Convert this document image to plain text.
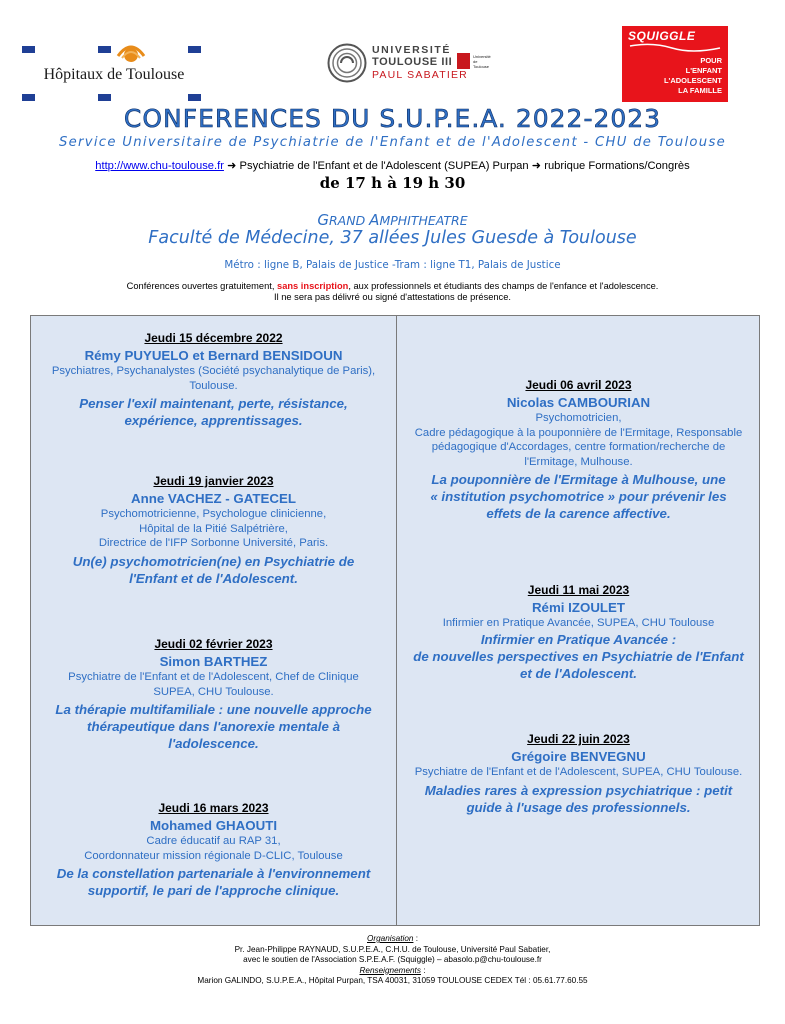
Hôpitaux de Toulouse
UNIVERSITÉ
TOULOUSE III
PAUL SABATIER
Université de Toulouse
SQUIGGLE
POUR
L'ENFANT
L'ADOLESCENT
LA FAMILLE
CONFERENCES DU S.U.P.E.A. 2022-2023
Service Universitaire de Psychiatrie de l'Enfant et de l'Adolescent - CHU de Toulouse
http://www.chu-toulouse.fr ➜ Psychiatrie de l'Enfant et de l'Adolescent (SUPEA) Purpan ➜ rubrique Formations/Congrès
de 17 h à 19 h 30
GRAND AMPHITHEATRE
Faculté de Médecine, 37 allées Jules Guesde à Toulouse
Métro : ligne B, Palais de Justice -Tram : ligne T1, Palais de Justice
Conférences ouvertes gratuitement, sans inscription, aux professionnels et étudiants des champs de l'enfance et l'adolescence.
Il ne sera pas délivré ou signé d'attestations de présence.
Jeudi 15 décembre 2022
Rémy PUYUELO et Bernard BENSIDOUN
Psychiatres, Psychanalystes (Société psychanalytique de Paris),
Toulouse.
Penser l'exil maintenant, perte, résistance,
expérience, apprentissages.
Jeudi 19 janvier 2023
Anne VACHEZ - GATECEL
Psychomotricienne, Psychologue clinicienne,
Hôpital de la Pitié Salpétrière,
Directrice de l'IFP Sorbonne Université, Paris.
Un(e) psychomotricien(ne) en Psychiatrie de
l'Enfant et de l'Adolescent.
Jeudi 02 février 2023
Simon BARTHEZ
Psychiatre de l'Enfant et de l'Adolescent, Chef de Clinique
SUPEA, CHU Toulouse.
La thérapie multifamiliale : une nouvelle approche
thérapeutique dans l'anorexie mentale à
l'adolescence.
Jeudi 16 mars 2023
Mohamed GHAOUTI
Cadre éducatif au RAP 31,
Coordonnateur mission régionale D-CLIC, Toulouse
De la constellation partenariale à l'environnement
supportif, le pari de l'approche clinique.
Jeudi 06 avril 2023
Nicolas CAMBOURIAN
Psychomotricien,
Cadre pédagogique à la pouponnière de l'Ermitage, Responsable
pédagogique d'Accordages, centre formation/recherche de
l'Ermitage, Mulhouse.
La pouponnière de l'Ermitage à Mulhouse, une
« institution psychomotrice » pour prévenir les
effets de la carence affective.
Jeudi 11 mai 2023
Rémi IZOULET
Infirmier en Pratique Avancée, SUPEA, CHU Toulouse
Infirmier en Pratique Avancée :
de nouvelles perspectives en Psychiatrie de l'Enfant
et de l'Adolescent.
Jeudi 22 juin 2023
Grégoire BENVEGNU
Psychiatre de l'Enfant et de l'Adolescent, SUPEA, CHU Toulouse.
Maladies rares à expression psychiatrique : petit
guide à l'usage des professionnels.
Organisation :
Pr. Jean-Philippe RAYNAUD, S.U.P.E.A., C.H.U. de Toulouse, Université Paul Sabatier,
avec le soutien de l'Association S.P.E.A.F. (Squiggle) – abasolo.p@chu-toulouse.fr
Renseignements :
Marion GALINDO, S.U.P.E.A., Hôpital Purpan, TSA 40031, 31059 TOULOUSE CEDEX Tél : 05.61.77.60.55
